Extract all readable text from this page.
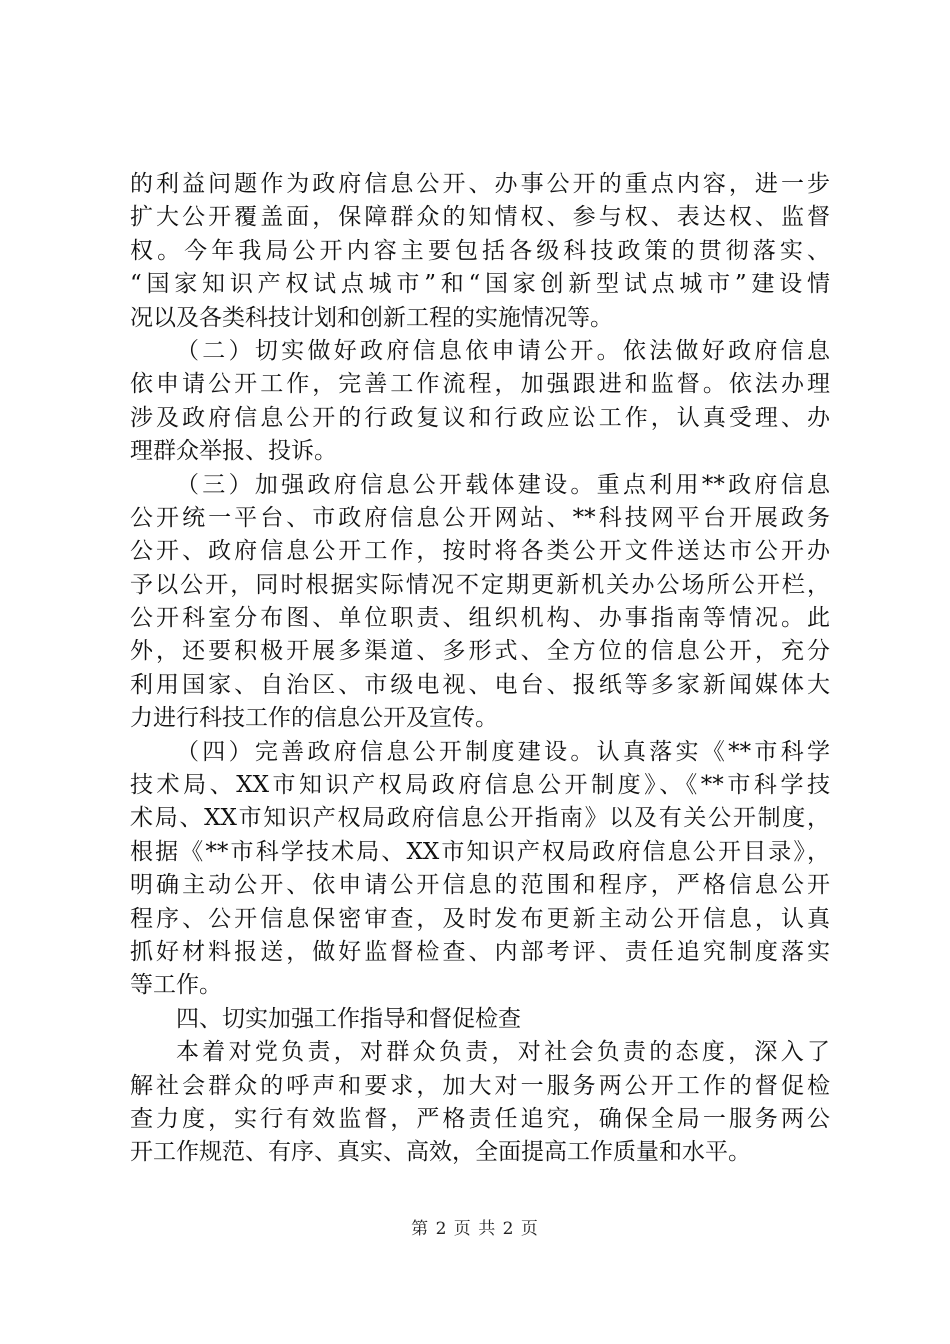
的利益问题作为政府信息公开、办事公开的重点内容，进一步
扩大公开覆盖面，保障群众的知情权、参与权、表达权、监督
权。今年我局公开内容主要包括各级科技政策的贯彻落实、
“国家知识产权试点城市”和“国家创新型试点城市”建设情
况以及各类科技计划和创新工程的实施情况等。
（二）切实做好政府信息依申请公开。依法做好政府信息
依申请公开工作，完善工作流程，加强跟进和监督。依法办理
涉及政府信息公开的行政复议和行政应讼工作，认真受理、办
理群众举报、投诉。
（三）加强政府信息公开载体建设。重点利用**政府信息
公开统一平台、市政府信息公开网站、**科技网平台开展政务
公开、政府信息公开工作，按时将各类公开文件送达市公开办
予以公开，同时根据实际情况不定期更新机关办公场所公开栏，
公开科室分布图、单位职责、组织机构、办事指南等情况。此
外，还要积极开展多渠道、多形式、全方位的信息公开，充分
利用国家、自治区、市级电视、电台、报纸等多家新闻媒体大
力进行科技工作的信息公开及宣传。
（四）完善政府信息公开制度建设。认真落实《**市科学
技术局、XX市知识产权局政府信息公开制度》、《**市科学技
术局、XX市知识产权局政府信息公开指南》以及有关公开制度，
根据《**市科学技术局、XX市知识产权局政府信息公开目录》，
明确主动公开、依申请公开信息的范围和程序，严格信息公开
程序、公开信息保密审查，及时发布更新主动公开信息，认真
抓好材料报送，做好监督检查、内部考评、责任追究制度落实
等工作。
四、切实加强工作指导和督促检查
本着对党负责，对群众负责，对社会负责的态度，深入了
解社会群众的呼声和要求，加大对一服务两公开工作的督促检
查力度，实行有效监督，严格责任追究，确保全局一服务两公
开工作规范、有序、真实、高效，全面提高工作质量和水平。
第 2 页 共 2 页
